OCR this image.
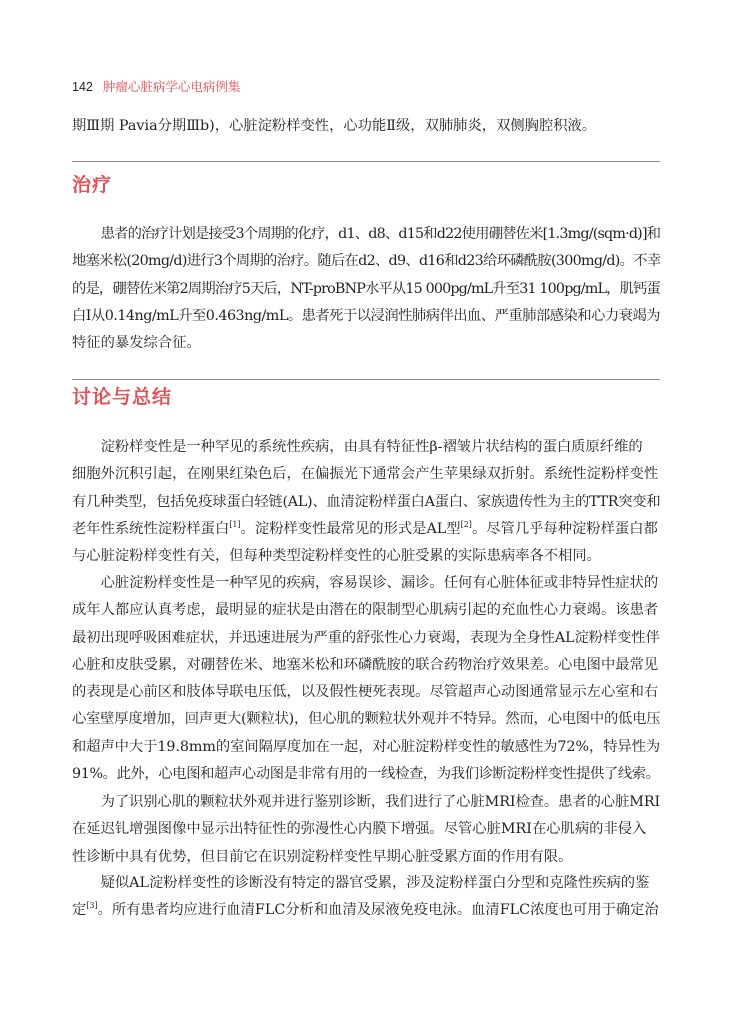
142 肿瘤心脏病学心电病例集
期Ⅲ期 Pavia分期Ⅲb)，心脏淀粉样变性，心功能Ⅱ级，双肺肺炎，双侧胸腔积液。
治疗
患者的治疗计划是接受3个周期的化疗，d1、d8、d15和d22使用硼替佐米[1.3mg/(sqm·d)]和
地塞米松(20mg/d)进行3个周期的治疗。随后在d2、d9、d16和d23给环磷酰胺(300mg/d)。不幸
的是，硼替佐米第2周期治疗5天后，NT-proBNP水平从15 000pg/mL升至31 100pg/mL，肌钙蛋
白Ⅰ从0.14ng/mL升至0.463ng/mL。患者死于以浸润性肺病伴出血、严重肺部感染和心力衰竭为
特征的暴发综合征。
讨论与总结
淀粉样变性是一种罕见的系统性疾病，由具有特征性β-褶皱片状结构的蛋白质原纤维的
细胞外沉积引起，在刚果红染色后，在偏振光下通常会产生苹果绿双折射。系统性淀粉样变性
有几种类型，包括免疫球蛋白轻链(AL)、血清淀粉样蛋白A蛋白、家族遗传性为主的TTR突变和
老年性系统性淀粉样蛋白[1]。淀粉样变性最常见的形式是AL型[2]。尽管几乎每种淀粉样蛋白都
与心脏淀粉样变性有关，但每种类型淀粉样变性的心脏受累的实际患病率各不相同。
心脏淀粉样变性是一种罕见的疾病，容易误诊、漏诊。任何有心脏体征或非特异性症状的
成年人都应认真考虑，最明显的症状是由潜在的限制型心肌病引起的充血性心力衰竭。该患者
最初出现呼吸困难症状，并迅速进展为严重的舒张性心力衰竭，表现为全身性AL淀粉样变性伴
心脏和皮肤受累，对硼替佐米、地塞米松和环磷酰胺的联合药物治疗效果差。心电图中最常见
的表现是心前区和肢体导联电压低，以及假性梗死表现。尽管超声心动图通常显示左心室和右
心室壁厚度增加，回声更大(颗粒状)，但心肌的颗粒状外观并不特异。然而，心电图中的低电压
和超声中大于19.8mm的室间隔厚度加在一起，对心脏淀粉样变性的敏感性为72%，特异性为
91%。此外，心电图和超声心动图是非常有用的一线检查，为我们诊断淀粉样变性提供了线索。
为了识别心肌的颗粒状外观并进行鉴别诊断，我们进行了心脏MRI检查。患者的心脏MRI
在延迟钆增强图像中显示出特征性的弥漫性心内膜下增强。尽管心脏MRI在心肌病的非侵入
性诊断中具有优势，但目前它在识别淀粉样变性早期心脏受累方面的作用有限。
疑似AL淀粉样变性的诊断没有特定的器官受累，涉及淀粉样蛋白分型和克隆性疾病的鉴
定[3]。所有患者均应进行血清FLC分析和血清及尿液免疫电泳。血清FLC浓度也可用于确定治
